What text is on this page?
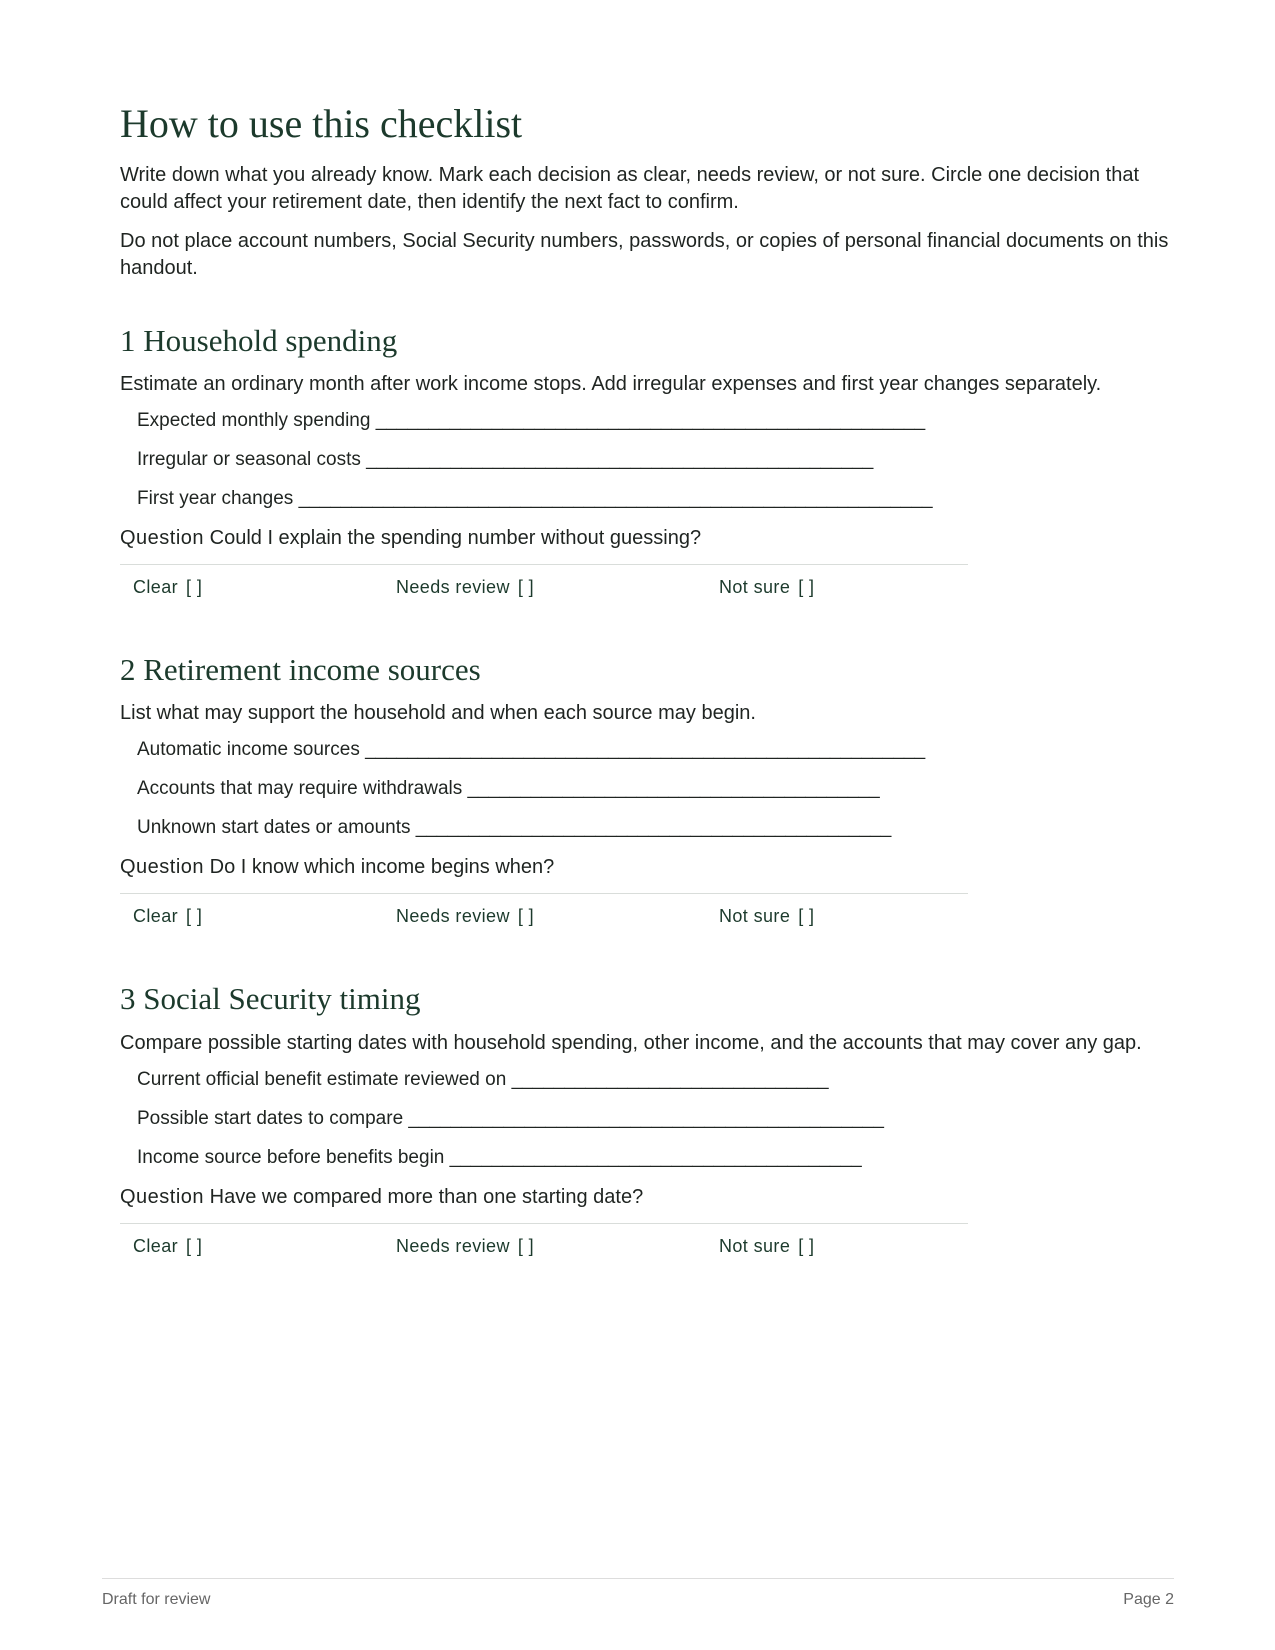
How to use this checklist

Write down what you already know. Mark each decision as clear, needs review, or not sure. Circle one decision that could affect your retirement date, then identify the next fact to confirm.

Do not place account numbers, Social Security numbers, passwords, or copies of personal financial documents on this handout.

1 Household spending

Estimate an ordinary month after work income stops. Add irregular expenses and first year changes separately.

Expected monthly spending ____________________________________________________
Irregular or seasonal costs ________________________________________________
First year changes ____________________________________________________________
Question Could I explain the spending number without guessing?
Clear [ ]	Needs review [ ]	Not sure [ ]
2 Retirement income sources

List what may support the household and when each source may begin.

Automatic income sources _____________________________________________________
Accounts that may require withdrawals _______________________________________
Unknown start dates or amounts _____________________________________________
Question Do I know which income begins when?
Clear [ ]	Needs review [ ]	Not sure [ ]
3 Social Security timing

Compare possible starting dates with household spending, other income, and the accounts that may cover any gap.

Current official benefit estimate reviewed on ______________________________
Possible start dates to compare _____________________________________________
Income source before benefits begin _______________________________________
Question Have we compared more than one starting date?
Clear [ ]	Needs review [ ]	Not sure [ ]
Draft for review	Page 2
